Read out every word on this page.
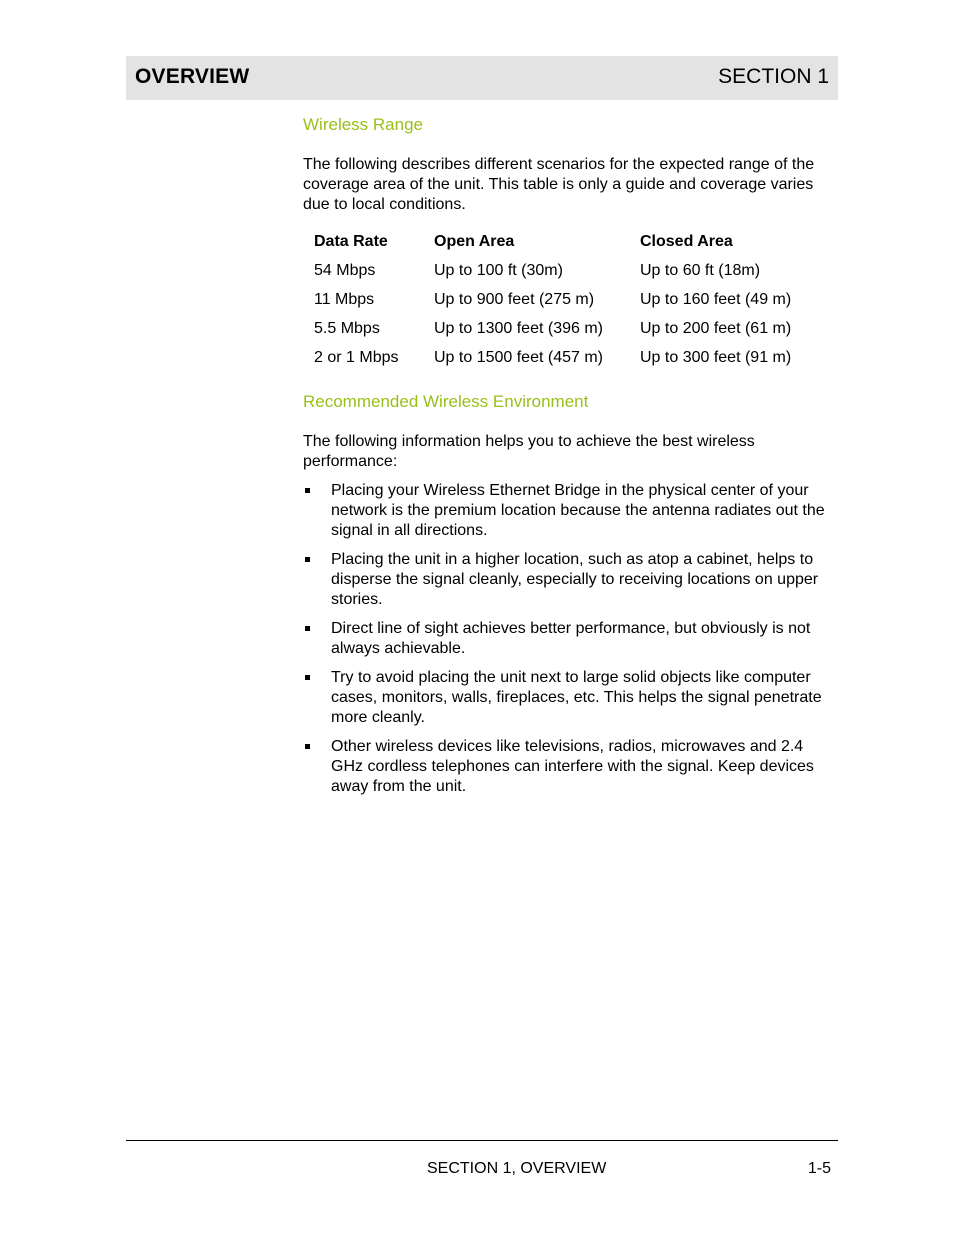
OVERVIEW	SECTION 1
Wireless Range
The following describes different scenarios for the expected range of the coverage area of the unit. This table is only a guide and coverage varies due to local conditions.
Data Rate	Open Area	Closed Area
54 Mbps	Up to 100 ft (30m)	Up to 60 ft (18m)
11 Mbps	Up to 900 feet (275 m)	Up to 160 feet (49 m)
5.5 Mbps	Up to 1300 feet (396 m)	Up to 200 feet (61 m)
2 or 1 Mbps	Up to 1500 feet (457 m)	Up to 300 feet (91 m)
Recommended Wireless Environment
The following information helps you to achieve the best wireless performance:
Placing your Wireless Ethernet Bridge in the physical center of your network is the premium location because the antenna radiates out the signal in all directions.
Placing the unit in a higher location, such as atop a cabinet, helps to disperse the signal cleanly, especially to receiving locations on upper stories.
Direct line of sight achieves better performance, but obviously is not always achievable.
Try to avoid placing the unit next to large solid objects like computer cases, monitors, walls, fireplaces, etc. This helps the signal penetrate more cleanly.
Other wireless devices like televisions, radios, microwaves and 2.4 GHz cordless telephones can interfere with the signal. Keep devices away from the unit.
SECTION 1, OVERVIEW	1-5
